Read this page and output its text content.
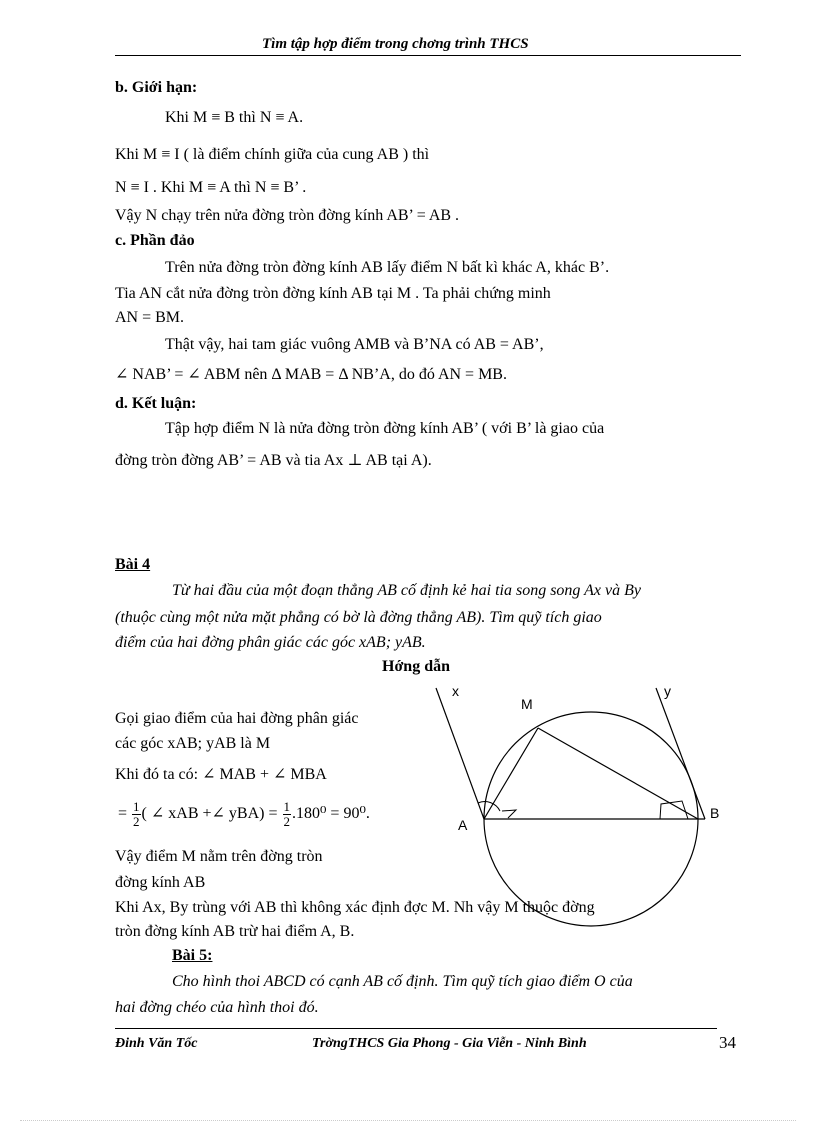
Tìm tập hợp điểm trong chơng trình THCS
b. Giới hạn:
Khi M ≡ B thì N ≡ A.
Khi M ≡ I ( là điểm chính giữa của cung AB ) thì
N ≡ I . Khi M ≡ A thì N ≡ B’ .
Vậy N chạy trên nửa đờng tròn đờng kính AB’ = AB .
c. Phần đảo
Trên nửa đờng tròn đờng kính AB lấy điểm N bất kì khác A, khác B’.
Tia AN cắt nửa đờng tròn đờng kính AB tại M . Ta phải chứng minh
AN = BM.
Thật vậy, hai tam giác vuông AMB và B’NA có AB = AB’,
∠ NAB’ = ∠ ABM nên Δ MAB = Δ NB’A, do đó AN = MB.
d. Kết luận:
Tập hợp điểm N là nửa đờng tròn đờng kính AB’ ( với B’ là giao của
đờng tròn đờng AB’ = AB và tia Ax ⊥ AB tại A).
Bài 4
Từ hai đầu của một đoạn thẳng AB cố định kẻ hai tia song song Ax và By
(thuộc cùng một nửa mặt phẳng có bờ là đờng thẳng AB). Tìm quỹ tích giao
điểm của hai đờng phân giác các góc xAB; yAB.
Hớng dẫn
Gọi giao điểm của hai đờng phân giác
các góc xAB; yAB là M
Khi đó ta có: ∠ MAB + ∠ MBA
= $\frac{1}{2}$ ( ∠ xAB +∠ $yBA) = \frac{1}{2} .180^0 = 90^0$.
Vậy điểm M nằm trên đờng tròn
đờng kính AB
Khi Ax, By trùng với AB thì không xác định đợc M. Nh vậy M thuộc đờng
tròn đờng kính AB trừ hai điểm A, B.
x	y
M
A
B
Bài 5:
Cho hình thoi ABCD có cạnh AB cố định. Tìm quỹ tích giao điểm O của
hai đờng chéo của hình thoi đó.
Đinh Văn Tốc	TrờngTHCS Gia Phong - Gia Viễn - Ninh Bình	34
